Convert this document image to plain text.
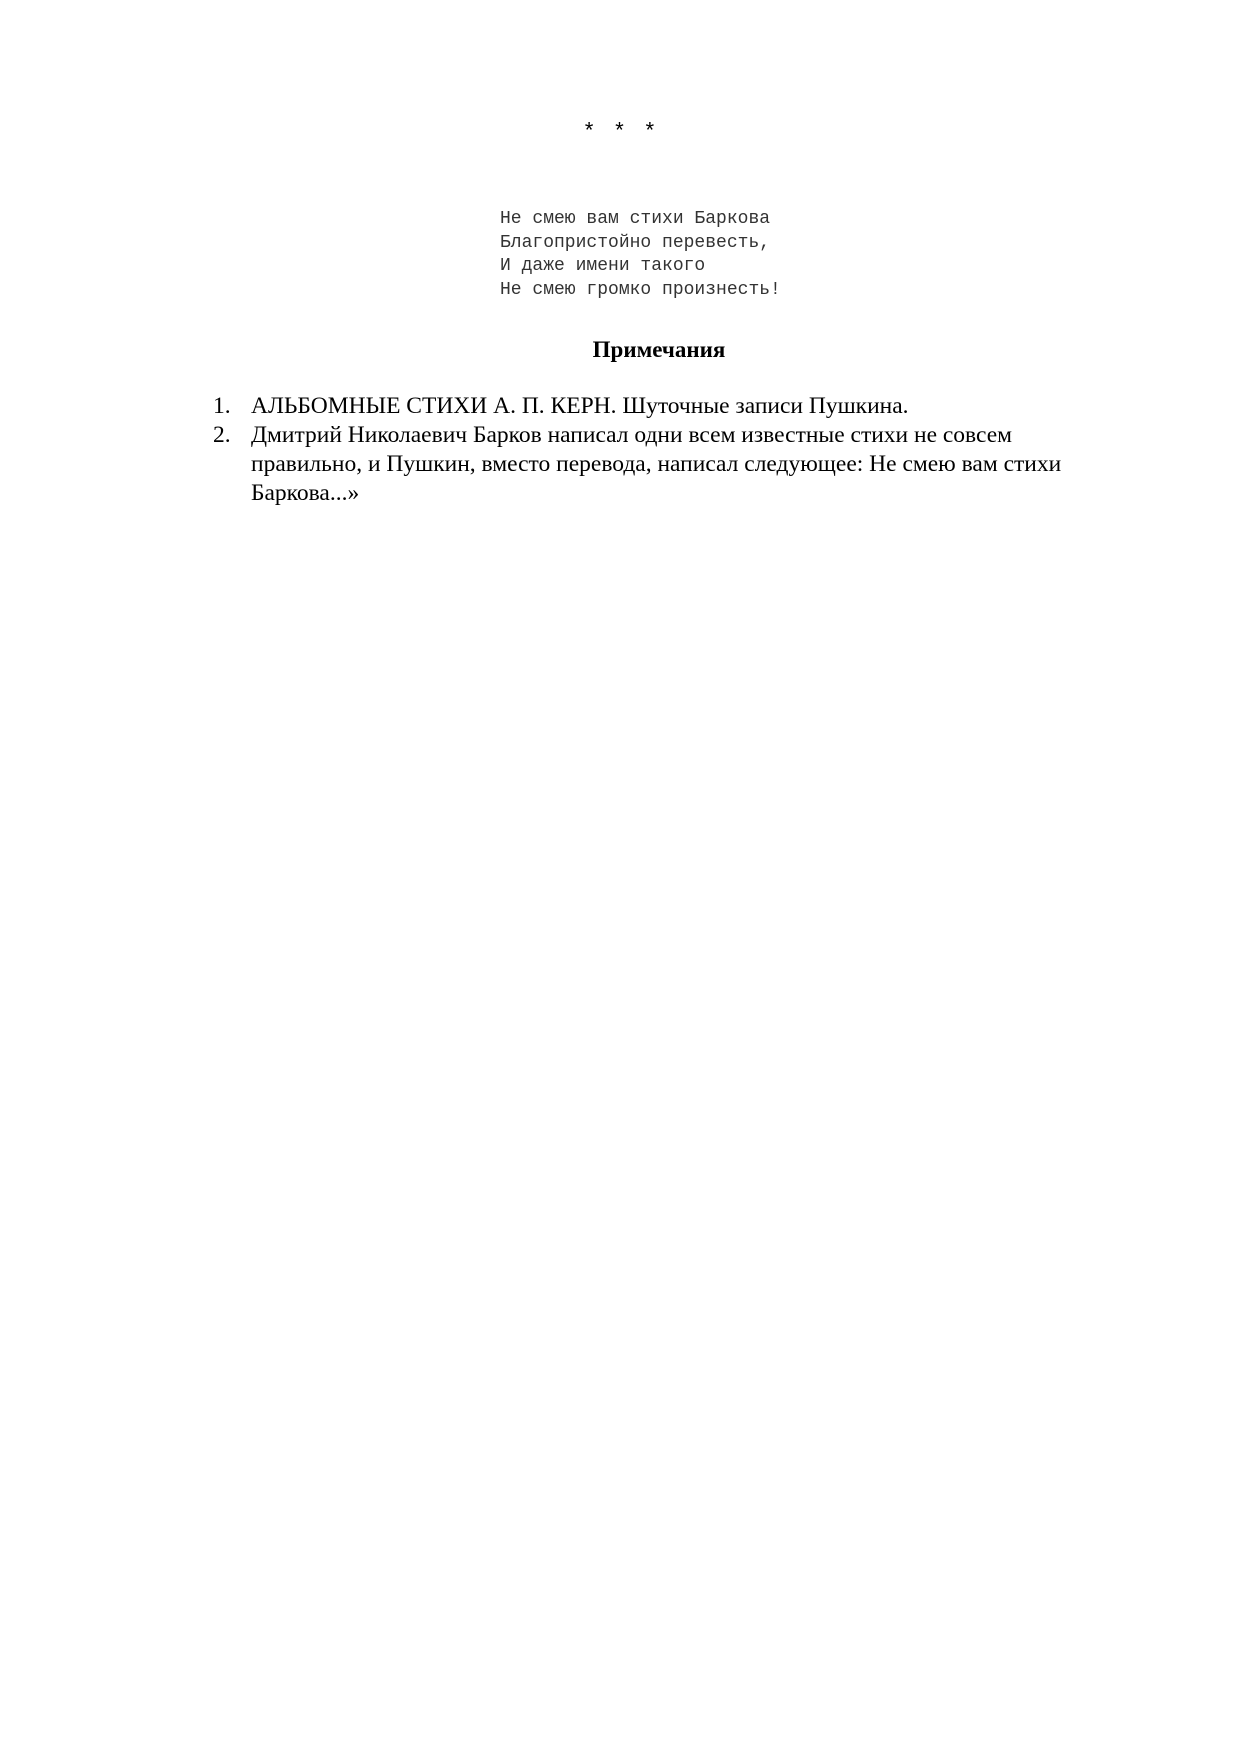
* * *

Не смею вам стихи Баркова
Благопристойно перевесть,
И даже имени такого
Не смею громко произнесть!
Примечания
1. АЛЬБОМНЫЕ СТИХИ А. П. КЕРН. Шуточные записи Пушкина.
2. Дмитрий Николаевич Барков написал одни всем известные стихи не совсем правильно, и Пушкин, вместо перевода, написал следующее: Не смею вам стихи Баркова...»
